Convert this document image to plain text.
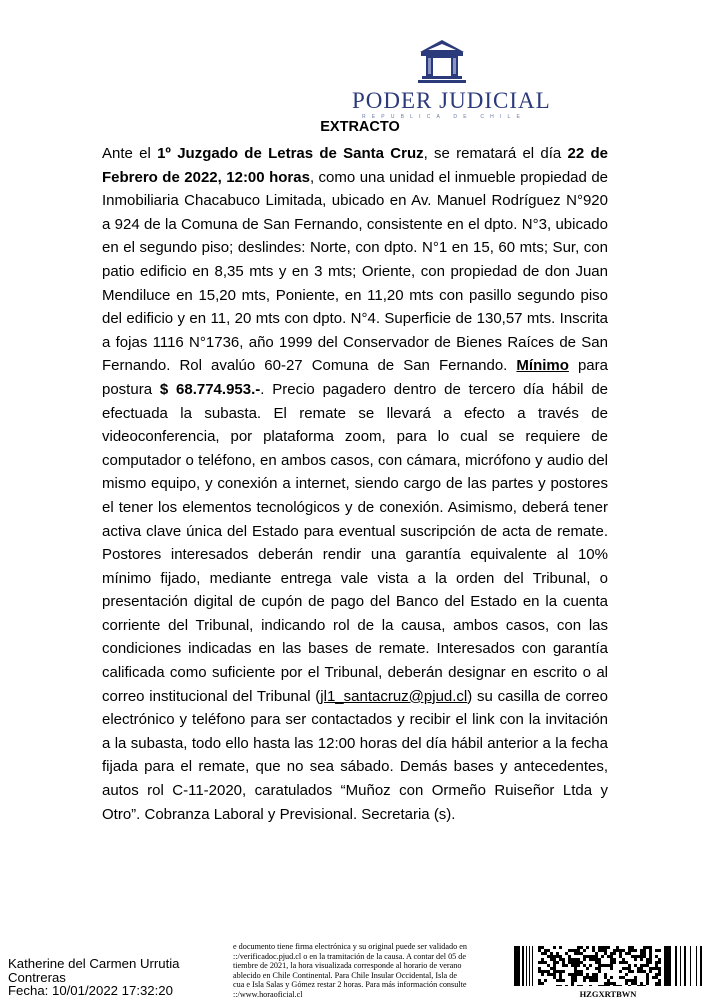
PODER JUDICIAL
REPUBLICA DE CHILE
EXTRACTO
Ante el 1º Juzgado de Letras de Santa Cruz, se rematará el día 22 de Febrero de 2022, 12:00 horas, como una unidad el inmueble propiedad de Inmobiliaria Chacabuco Limitada, ubicado en Av. Manuel Rodríguez N°920 a 924 de la Comuna de San Fernando, consistente en el dpto. N°3, ubicado en el segundo piso; deslindes: Norte, con dpto. N°1 en 15, 60 mts; Sur, con patio edificio en 8,35 mts y en 3 mts; Oriente, con propiedad de don Juan Mendiluce en 15,20 mts, Poniente, en 11,20 mts con pasillo segundo piso del edificio y en 11, 20 mts con dpto. N°4. Superficie de 130,57 mts. Inscrita a fojas 1116 N°1736, año 1999 del Conservador de Bienes Raíces de San Fernando. Rol avalúo 60-27 Comuna de San Fernando. Mínimo para postura $ 68.774.953.-. Precio pagadero dentro de tercero día hábil de efectuada la subasta. El remate se llevará a efecto a través de videoconferencia, por plataforma zoom, para lo cual se requiere de computador o teléfono, en ambos casos, con cámara, micrófono y audio del mismo equipo, y conexión a internet, siendo cargo de las partes y postores el tener los elementos tecnológicos y de conexión. Asimismo, deberá tener activa clave única del Estado para eventual suscripción de acta de remate. Postores interesados deberán rendir una garantía equivalente al 10% mínimo fijado, mediante entrega vale vista a la orden del Tribunal, o presentación digital de cupón de pago del Banco del Estado en la cuenta corriente del Tribunal, indicando rol de la causa, ambos casos, con las condiciones indicadas en las bases de remate. Interesados con garantía calificada como suficiente por el Tribunal, deberán designar en escrito o al correo institucional del Tribunal (jl1_santacruz@pjud.cl) su casilla de correo electrónico y teléfono para ser contactados y recibir el link con la invitación a la subasta, todo ello hasta las 12:00 horas del día hábil anterior a la fecha fijada para el remate, que no sea sábado. Demás bases y antecedentes, autos rol C-11-2020, caratulados “Muñoz con Ormeño Ruiseñor Ltda y Otro”. Cobranza Laboral y Previsional. Secretaria (s).
Katherine del Carmen Urrutia
Contreras
Fecha: 10/01/2022 17:32:20
e documento tiene firma electrónica y su original puede ser validado en
::/verificadoc.pjud.cl o en la tramitación de la causa. A contar del 05 de
tiembre de 2021, la hora visualizada corresponde al horario de verano
ablecido en Chile Continental. Para Chile Insular Occidental, Isla de
cua e Isla Salas y Gómez restar 2 horas. Para más información consulte
::/www.horaoficial.cl	HZGXRTBWN
